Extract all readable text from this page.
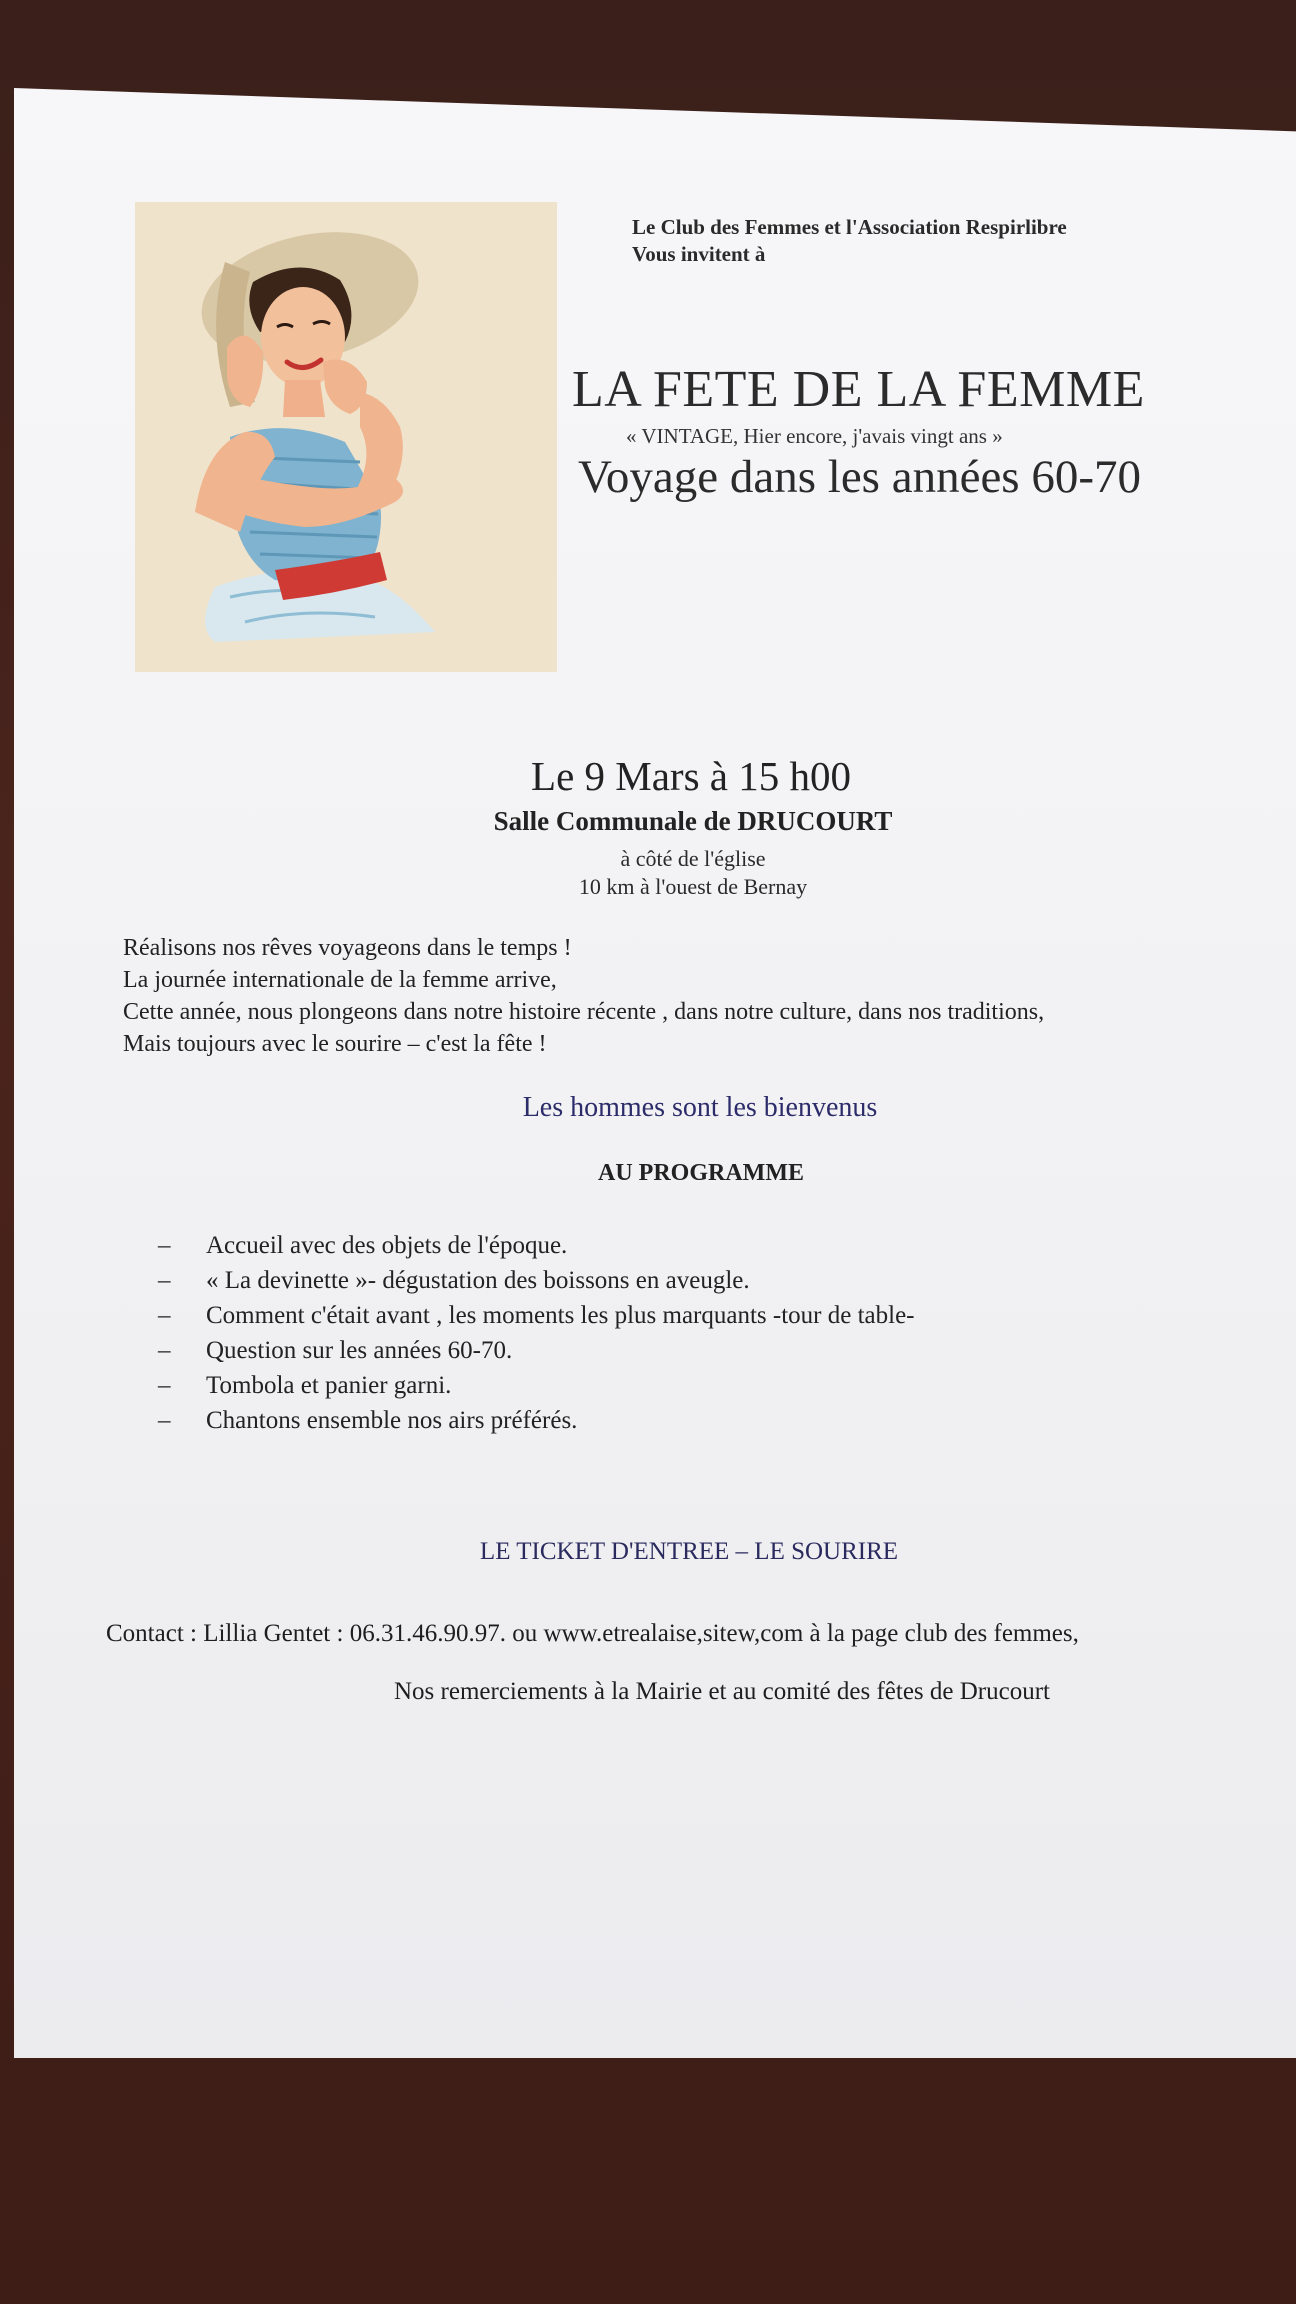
Le Club des Femmes et l'Association Respirlibre
Vous invitent à
LA FETE DE LA FEMME
« VINTAGE, Hier encore, j'avais vingt ans »
Voyage dans les années 60-70
Le 9 Mars à 15 h00
Salle Communale de DRUCOURT
à côté de l'église
10 km à l'ouest de Bernay
Réalisons nos rêves voyageons dans le temps !
La journée internationale de la femme arrive,
Cette année, nous plongeons dans notre histoire récente , dans notre culture, dans nos traditions,
Mais toujours avec le sourire – c'est la fête !
Les hommes sont les bienvenus
AU PROGRAMME
– Accueil avec des objets de l'époque.
– « La devinette »- dégustation des boissons en aveugle.
– Comment c'était avant , les moments les plus marquants -tour de table-
– Question sur les années 60-70.
– Tombola et panier garni.
– Chantons ensemble nos airs préférés.
LE TICKET D'ENTREE – LE SOURIRE
Contact : Lillia Gentet : 06.31.46.90.97. ou www.etrealaise,sitew,com à la page club des femmes,
Nos remerciements à la Mairie et au comité des fêtes de Drucourt
